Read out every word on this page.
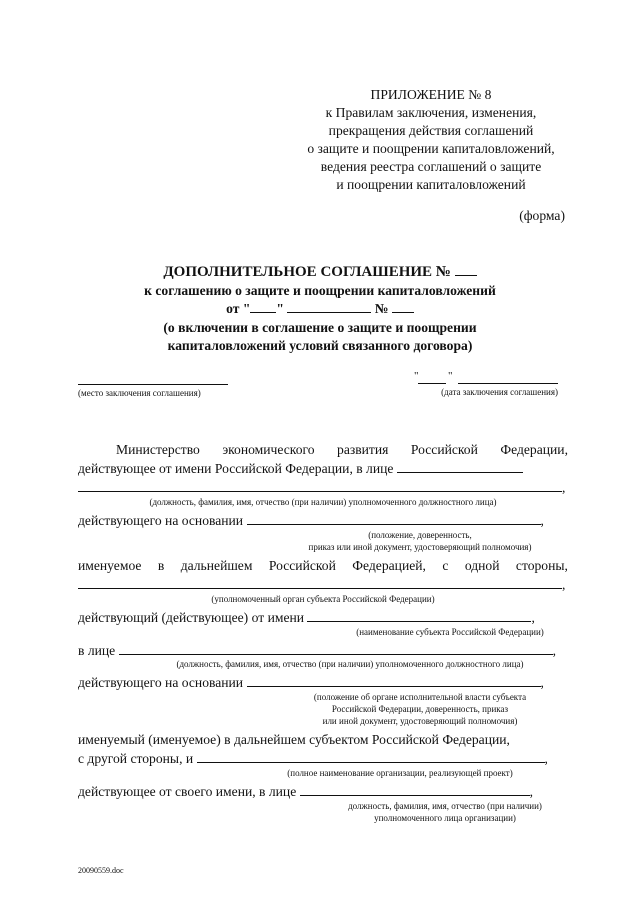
ПРИЛОЖЕНИЕ № 8
к Правилам заключения, изменения,
прекращения действия соглашений
о защите и поощрении капиталовложений,
ведения реестра соглашений о защите
и поощрении капиталовложений
(форма)
ДОПОЛНИТЕЛЬНОЕ СОГЛАШЕНИЕ №
к соглашению о защите и поощрении капиталовложений
от " "	№
(о включении в соглашение о защите и поощрении
капиталовложений условий связанного договора)
(место заключения соглашения)
"	"
(дата заключения соглашения)
Министерство экономического развития Российской Федерации,
действующее от имени Российской Федерации, в лице
,
(должность, фамилия, имя, отчество (при наличии) уполномоченного должностного лица)
действующего на основании	,
(положение, доверенность,
приказ или иной документ, удостоверяющий полномочия)
именуемое в дальнейшем Российской Федерацией, с одной стороны,
,
(уполномоченный орган субъекта Российской Федерации)
действующий (действующее) от имени	,
(наименование субъекта Российской Федерации)
в лице	,
(должность, фамилия, имя, отчество (при наличии) уполномоченного должностного лица)
действующего на основании	,
(положение об органе исполнительной власти субъекта
Российской Федерации, доверенность, приказ
или иной документ, удостоверяющий полномочия)
именуемый (именуемое) в дальнейшем субъектом Российской Федерации,
с другой стороны, и	,
(полное наименование организации, реализующей проект)
действующее от своего имени, в лице	,
должность, фамилия, имя, отчество (при наличии)
уполномоченного лица организации)
20090559.doc
